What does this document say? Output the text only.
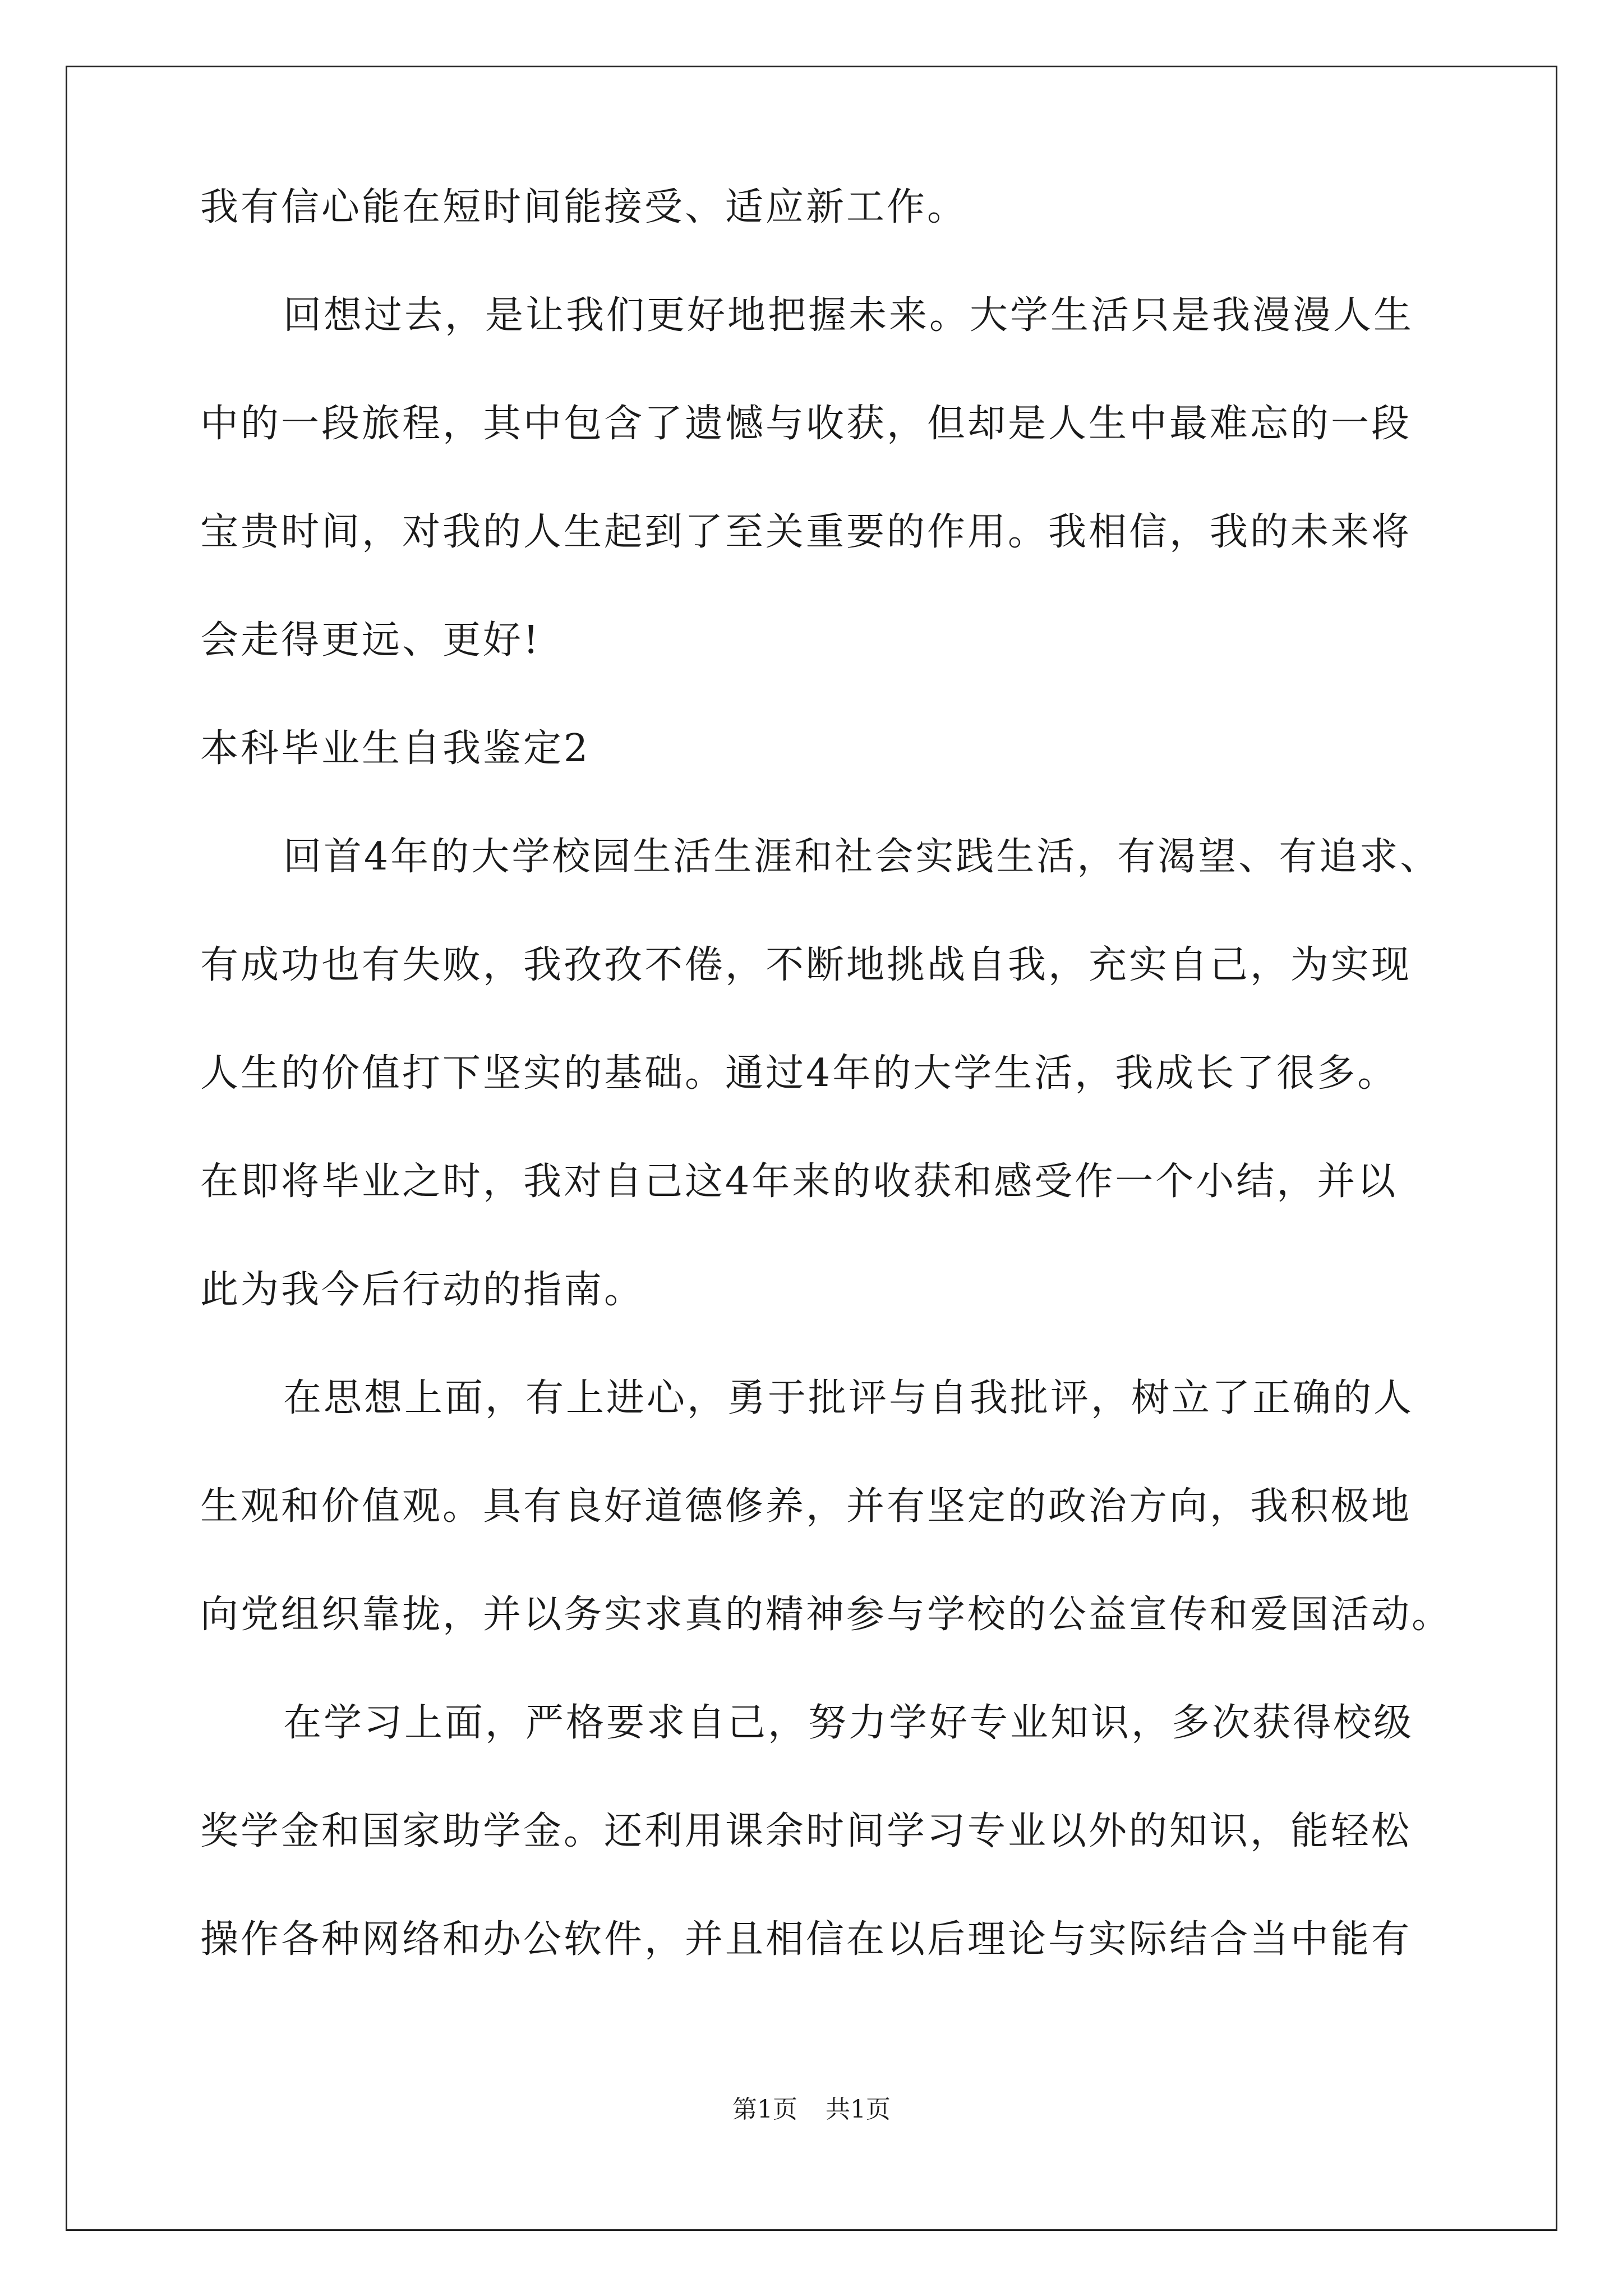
我有信心能在短时间能接受、适应新工作。
回想过去，是让我们更好地把握未来。大学生活只是我漫漫人生
中的一段旅程，其中包含了遗憾与收获，但却是人生中最难忘的一段
宝贵时间，对我的人生起到了至关重要的作用。我相信，我的未来将
会走得更远、更好!
本科毕业生自我鉴定2
回首4年的大学校园生活生涯和社会实践生活，有渴望、有追求、
有成功也有失败，我孜孜不倦，不断地挑战自我，充实自己，为实现
人生的价值打下坚实的基础。通过4年的大学生活，我成长了很多。
在即将毕业之时，我对自己这4年来的收获和感受作一个小结，并以
此为我今后行动的指南。
在思想上面，有上进心，勇于批评与自我批评，树立了正确的人
生观和价值观。具有良好道德修养，并有坚定的政治方向，我积极地
向党组织靠拢，并以务实求真的精神参与学校的公益宣传和爱国活动。
在学习上面，严格要求自己，努力学好专业知识，多次获得校级
奖学金和国家助学金。还利用课余时间学习专业以外的知识，能轻松
操作各种网络和办公软件，并且相信在以后理论与实际结合当中能有
第1页 共1页
